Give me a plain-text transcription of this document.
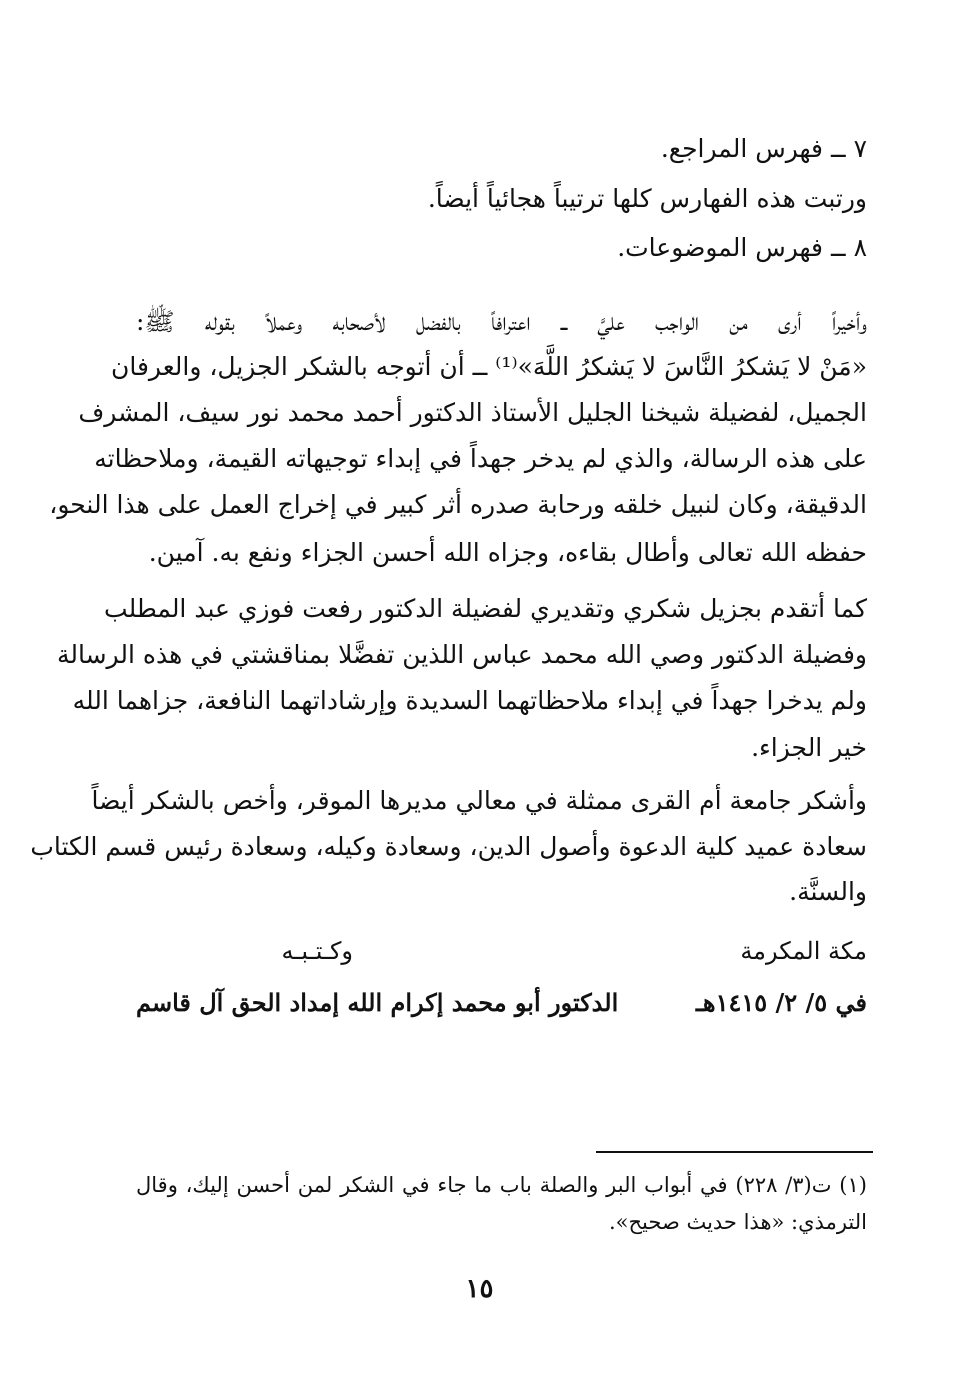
٧ ــ فهرس المراجع.
ورتبت هذه الفهارس كلها ترتيباً هجائياً أيضاً.
٨ ــ فهرس الموضوعات.
وأخيراً أرى من الواجب عليَّ ــ اعترافاً بالفضل لأصحابه وعملاً بقوله ﷺ:
«مَنْ لا يَشكرُ النَّاسَ لا يَشكرُ اللَّهَ»⁽¹⁾ ــ أن أتوجه بالشكر الجزيل، والعرفان
الجميل، لفضيلة شيخنا الجليل الأستاذ الدكتور أحمد محمد نور سيف، المشرف
على هذه الرسالة، والذي لم يدخر جهداً في إبداء توجيهاته القيمة، وملاحظاته
الدقيقة، وكان لنبيل خلقه ورحابة صدره أثر كبير في إخراج العمل على هذا النحو،
حفظه الله تعالى وأطال بقاءه، وجزاه الله أحسن الجزاء ونفع به. آمين.
كما أتقدم بجزيل شكري وتقديري لفضيلة الدكتور رفعت فوزي عبد المطلب
وفضيلة الدكتور وصي الله محمد عباس اللذين تفضَّلا بمناقشتي في هذه الرسالة
ولم يدخرا جهداً في إبداء ملاحظاتهما السديدة وإرشاداتهما النافعة، جزاهما الله
خير الجزاء.
وأشكر جامعة أم القرى ممثلة في معالي مديرها الموقر، وأخص بالشكر أيضاً
سعادة عميد كلية الدعوة وأصول الدين، وسعادة وكيله، وسعادة رئيس قسم الكتاب
والسنَّة.
مكة المكرمة
وكـتـبـه
في ٥/ ٢/ ١٤١٥هـ
الدكتور أبو محمد إكرام الله إمداد الحق آل قاسم
(١) ت(٣/ ٢٢٨) في أبواب البر والصلة باب ما جاء في الشكر لمن أحسن إليك، وقال
الترمذي: «هذا حديث صحيح».
١٥
